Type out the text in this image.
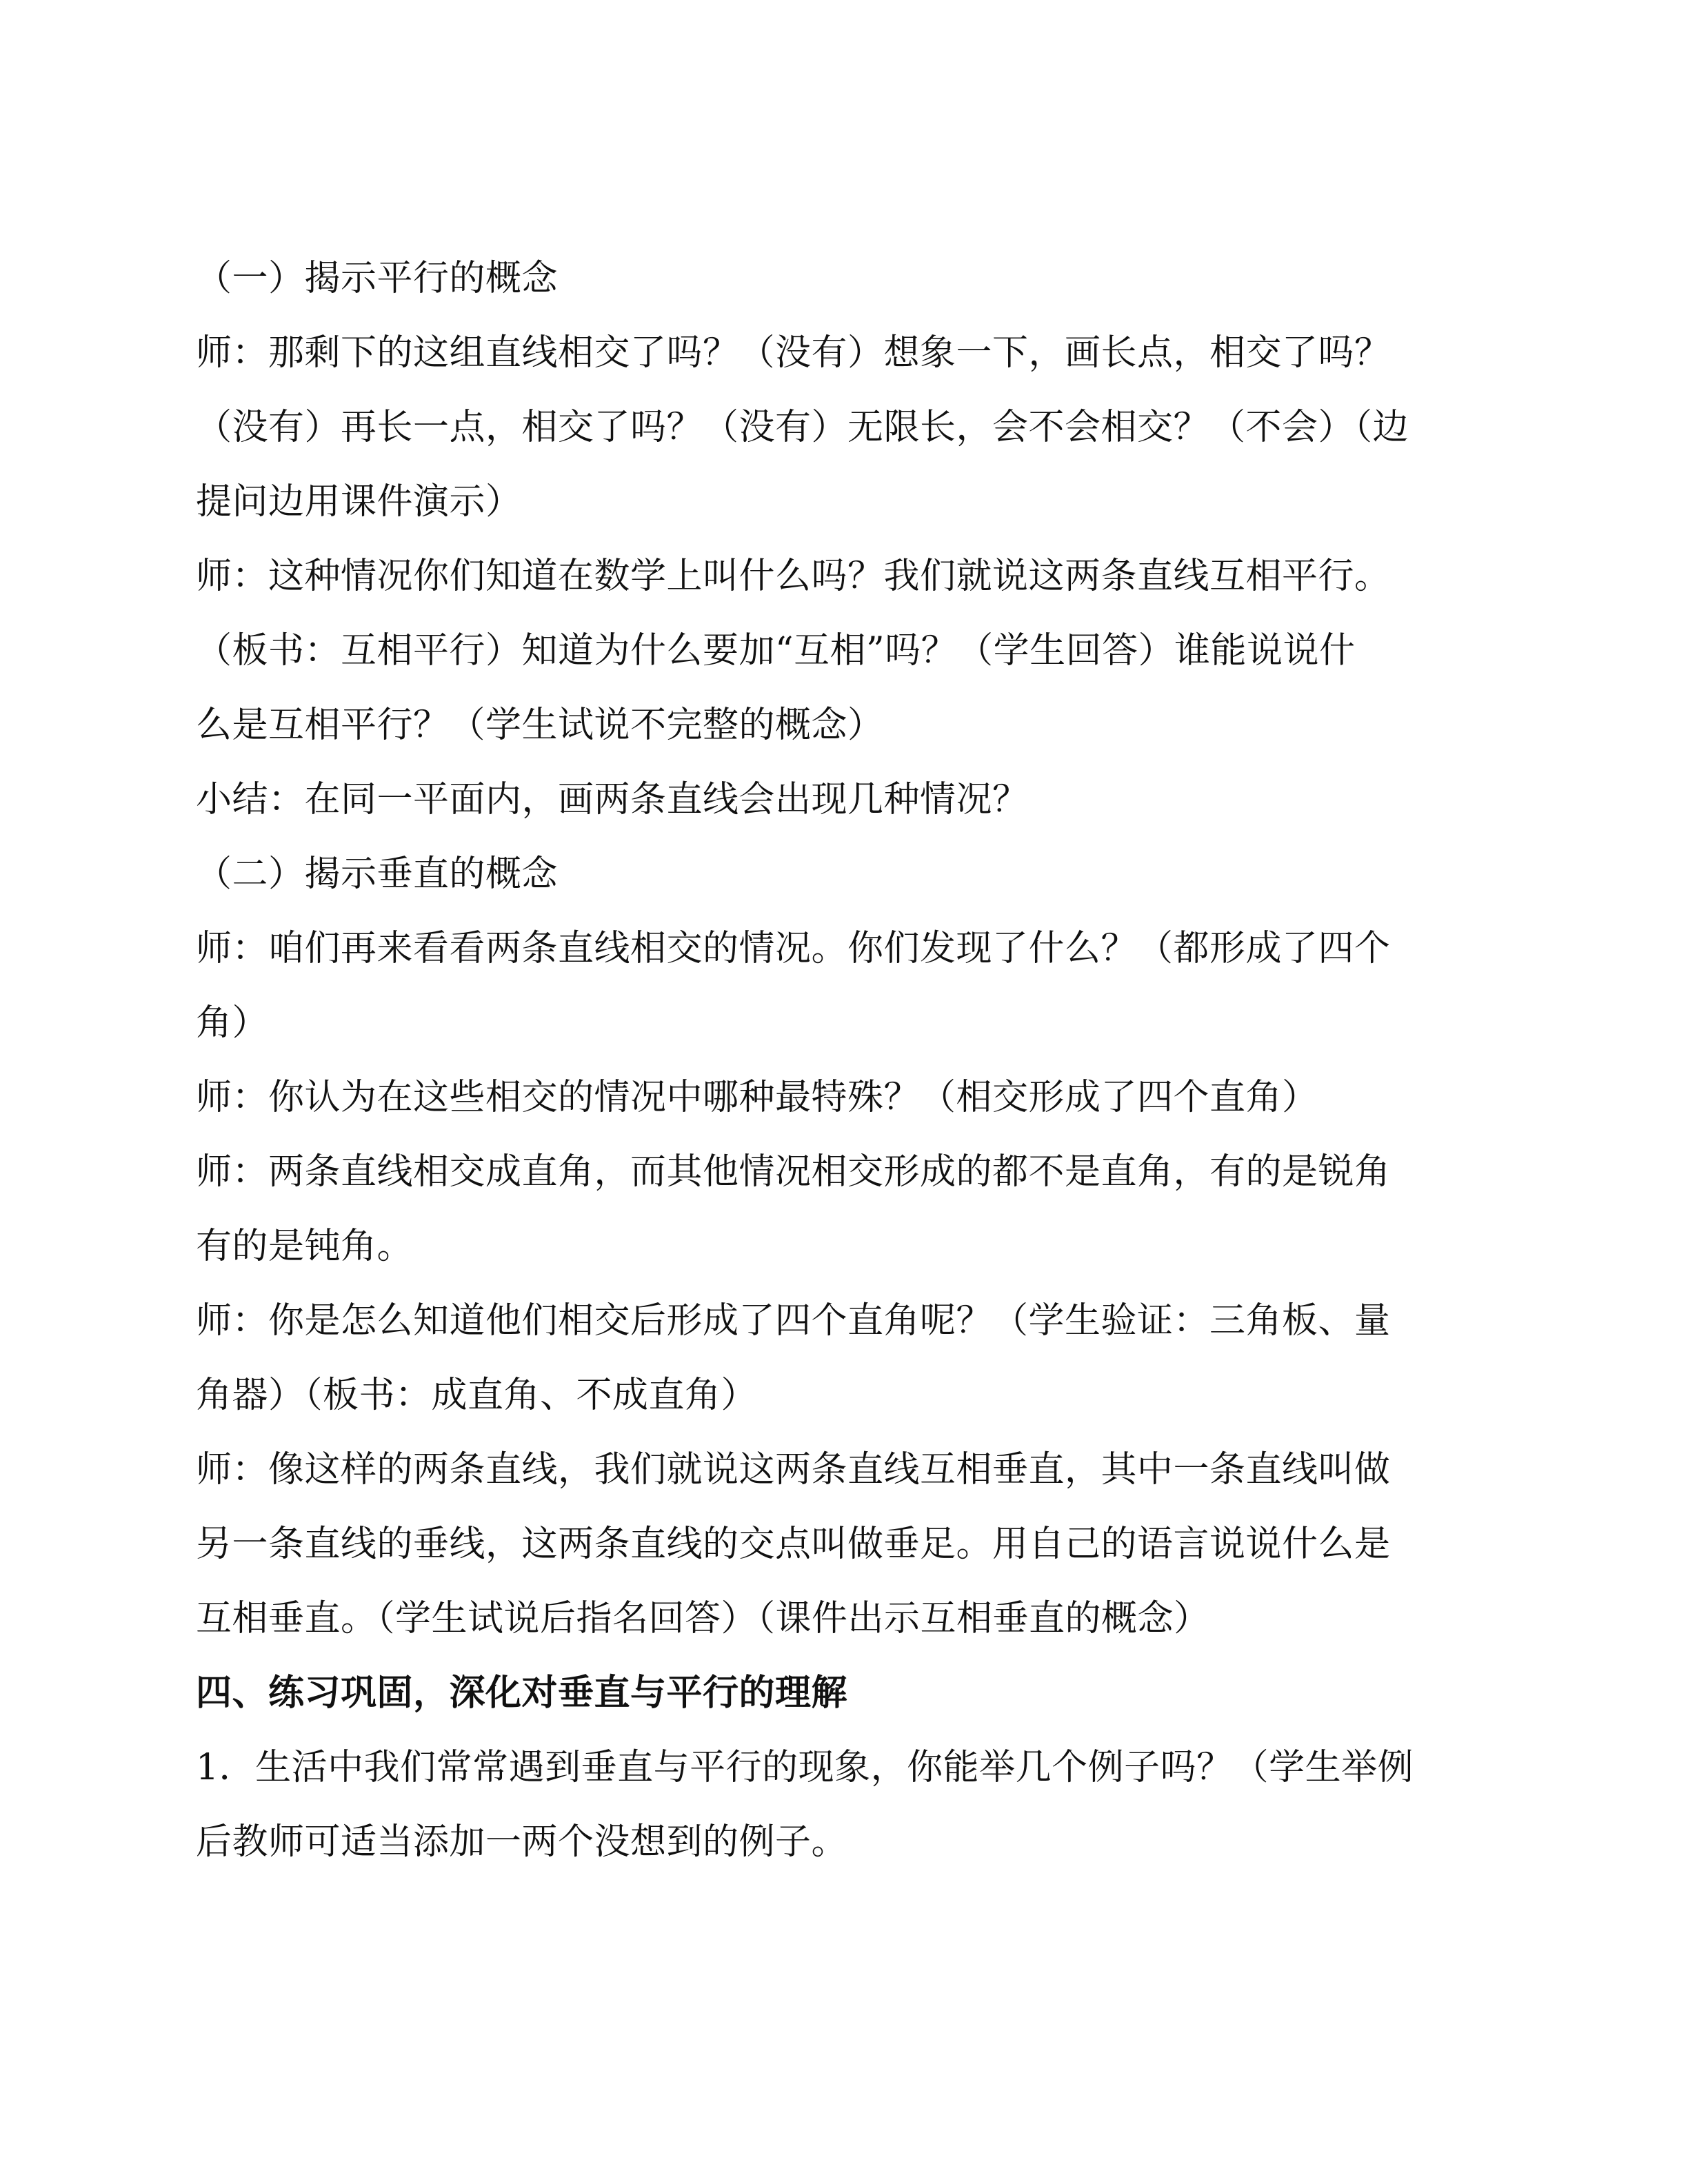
（一）揭示平行的概念
师：那剩下的这组直线相交了吗？（没有）想象一下，画长点，相交了吗？
（没有）再长一点，相交了吗？（没有）无限长，会不会相交？（不会）（边
提问边用课件演示）
师：这种情况你们知道在数学上叫什么吗？我们就说这两条直线互相平行。
（板书：互相平行）知道为什么要加“互相”吗？（学生回答）谁能说说什
么是互相平行？（学生试说不完整的概念）
小结：在同一平面内，画两条直线会出现几种情况？
（二）揭示垂直的概念
师：咱们再来看看两条直线相交的情况。你们发现了什么？（都形成了四个
角）
师：你认为在这些相交的情况中哪种最特殊？（相交形成了四个直角）
师：两条直线相交成直角，而其他情况相交形成的都不是直角，有的是锐角
有的是钝角。
师：你是怎么知道他们相交后形成了四个直角呢？（学生验证：三角板、量
角器）（板书：成直角、不成直角）
师：像这样的两条直线，我们就说这两条直线互相垂直，其中一条直线叫做
另一条直线的垂线，这两条直线的交点叫做垂足。用自己的语言说说什么是
互相垂直。（学生试说后指名回答）（课件出示互相垂直的概念）
四、练习巩固，深化对垂直与平行的理解
1．生活中我们常常遇到垂直与平行的现象，你能举几个例子吗？（学生举例
后教师可适当添加一两个没想到的例子。
